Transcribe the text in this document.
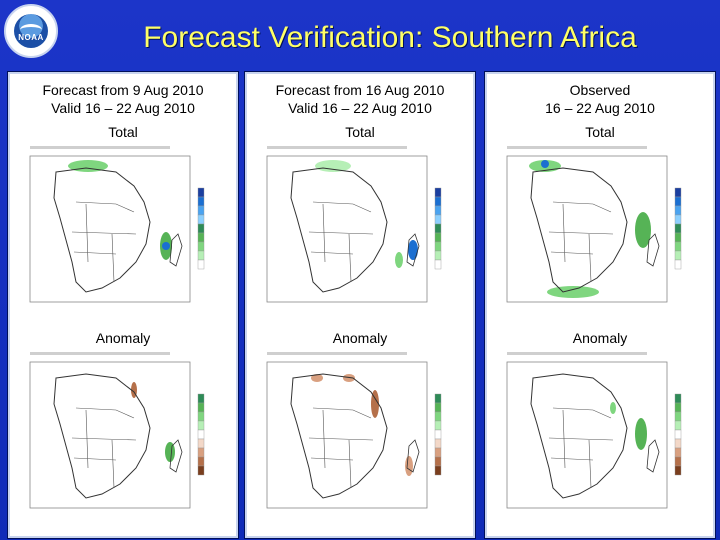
NOAA	Forecast Verification: Southern Africa
Forecast from 9 Aug 2010
Valid 16 – 22 Aug 2010
Total
Anomaly
Forecast from 16 Aug 2010
Valid 16 – 22 Aug 2010
Total
Anomaly
Observed
16 – 22 Aug 2010
Total
Anomaly
